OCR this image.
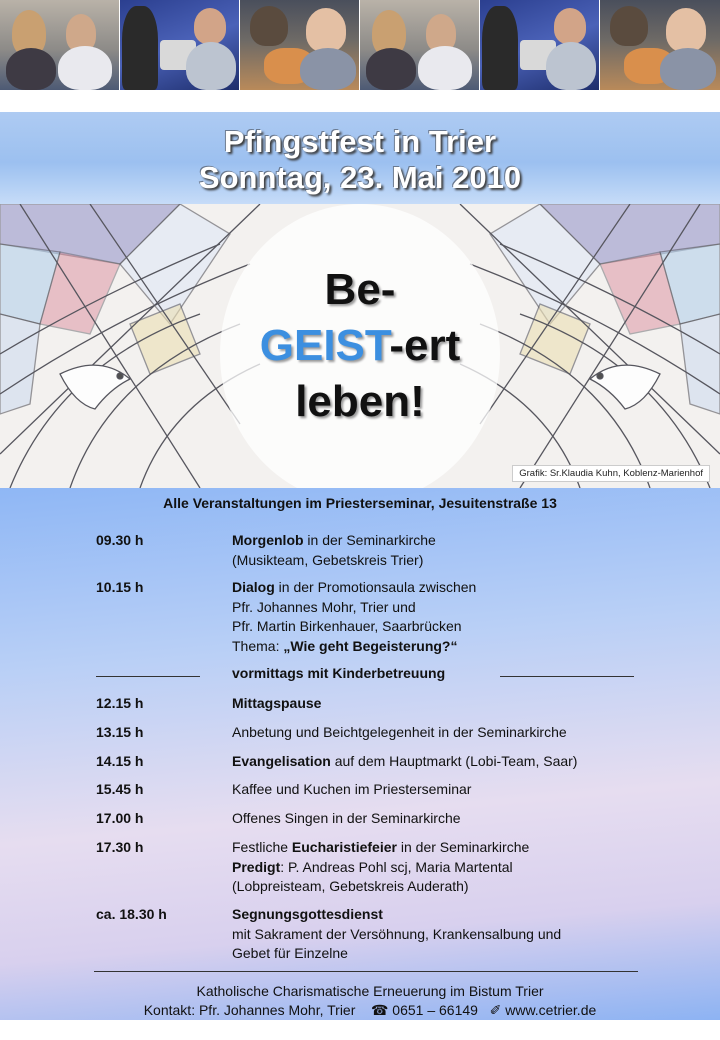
Pfingstfest in Trier
Sonntag, 23. Mai 2010
Be-
GEIST-ert
leben!
Grafik: Sr.Klaudia Kuhn, Koblenz-Marienhof
Alle Veranstaltungen im Priesterseminar, Jesuitenstraße 13
09.30 h	Morgenlob in der Seminarkirche
(Musikteam, Gebetskreis Trier)
10.15 h	Dialog in der Promotionsaula zwischen
Pfr. Johannes Mohr, Trier und
Pfr. Martin Birkenhauer, Saarbrücken
Thema: „Wie geht Begeisterung?“
vormittags mit Kinderbetreuung
12.15 h	Mittagspause
13.15 h	Anbetung und Beichtgelegenheit in der Seminarkirche
14.15 h	Evangelisation auf dem Hauptmarkt (Lobi-Team, Saar)
15.45 h	Kaffee und Kuchen im Priesterseminar
17.00 h	Offenes Singen in der Seminarkirche
17.30 h	Festliche Eucharistiefeier in der Seminarkirche
Predigt: P. Andreas Pohl scj, Maria Martental
(Lobpreisteam, Gebetskreis Auderath)
ca. 18.30 h	Segnungsgottesdienst
mit Sakrament der Versöhnung, Krankensalbung und
Gebet für Einzelne
Katholische Charismatische Erneuerung im Bistum Trier
Kontakt: Pfr. Johannes Mohr, Trier ☎ 0651 – 66149 ✐ www.cetrier.de
